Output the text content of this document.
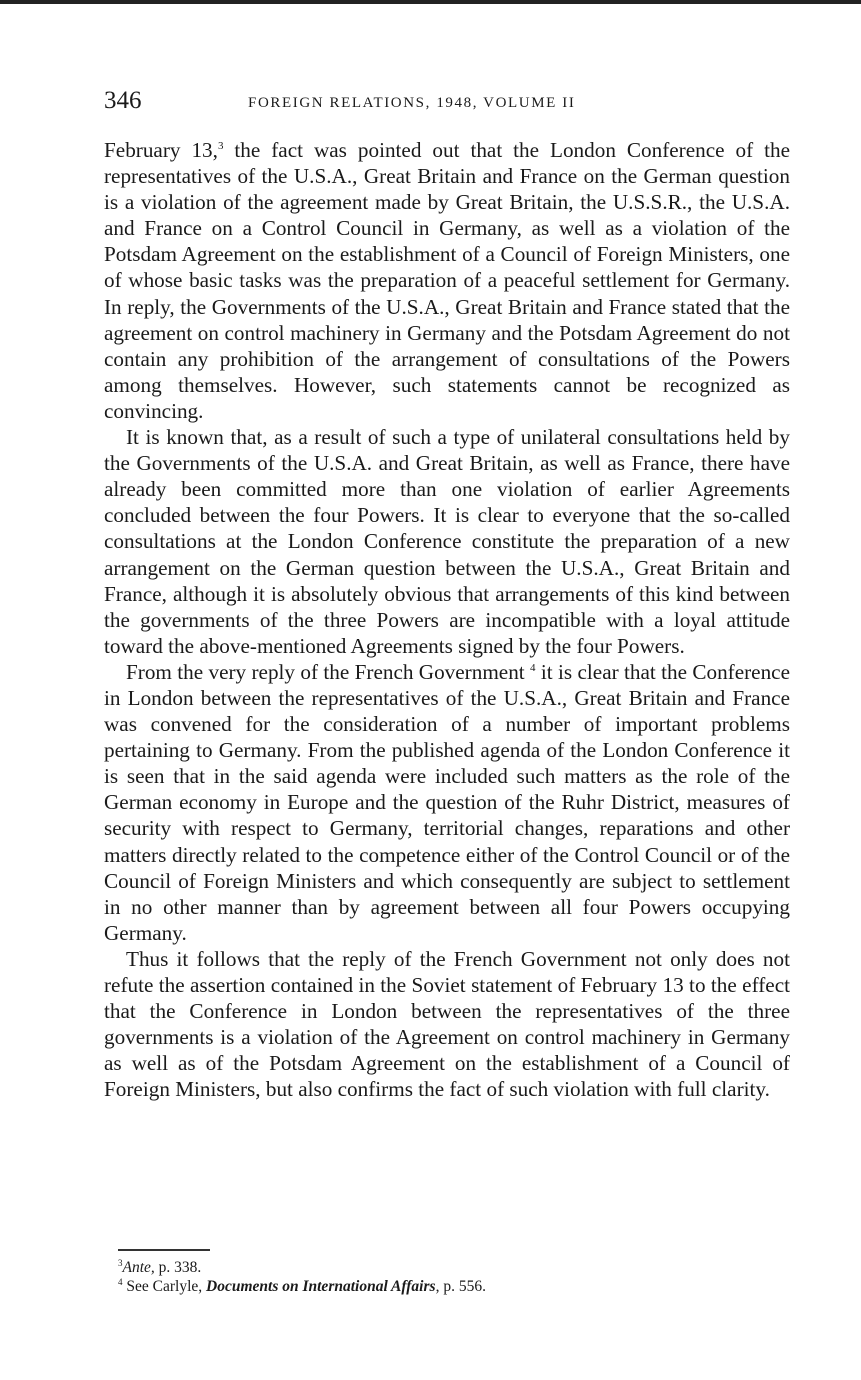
346	FOREIGN RELATIONS, 1948, VOLUME II

February 13,$^3$ the fact was pointed out that the London Conference of the representatives of the U.S.A., Great Britain and France on the German question is a violation of the agreement made by Great Britain, the U.S.S.R., the U.S.A. and France on a Control Council in Germany, as well as a violation of the Potsdam Agreement on the establishment of a Council of Foreign Ministers, one of whose basic tasks was the preparation of a peaceful settlement for Germany. In reply, the Governments of the U.S.A., Great Britain and France stated that the agreement on control machinery in Germany and the Potsdam Agreement do not contain any prohibition of the arrangement of consultations of the Powers among themselves. However, such statements cannot be recognized as convincing.

It is known that, as a result of such a type of unilateral consultations held by the Governments of the U.S.A. and Great Britain, as well as France, there have already been committed more than one violation of earlier Agreements concluded between the four Powers. It is clear to everyone that the so-called consultations at the London Conference constitute the preparation of a new arrangement on the German question between the U.S.A., Great Britain and France, although it is absolutely obvious that arrangements of this kind between the governments of the three Powers are incompatible with a loyal attitude toward the above-mentioned Agreements signed by the four Powers.

From the very reply of the French Government $^4$ it is clear that the Conference in London between the representatives of the U.S.A., Great Britain and France was convened for the consideration of a number of important problems pertaining to Germany. From the published agenda of the London Conference it is seen that in the said agenda were included such matters as the role of the German economy in Europe and the question of the Ruhr District, measures of security with respect to Germany, territorial changes, reparations and other matters directly related to the competence either of the Control Council or of the Council of Foreign Ministers and which consequently are subject to settlement in no other manner than by agreement between all four Powers occupying Germany.

Thus it follows that the reply of the French Government not only does not refute the assertion contained in the Soviet statement of February 13 to the effect that the Conference in London between the representatives of the three governments is a violation of the Agreement on control machinery in Germany as well as of the Potsdam Agreement on the establishment of a Council of Foreign Ministers, but also confirms the fact of such violation with full clarity.

$^3$Ante, p. 338.

$^4$ See Carlyle, Documents on International Affairs, p. 556.
